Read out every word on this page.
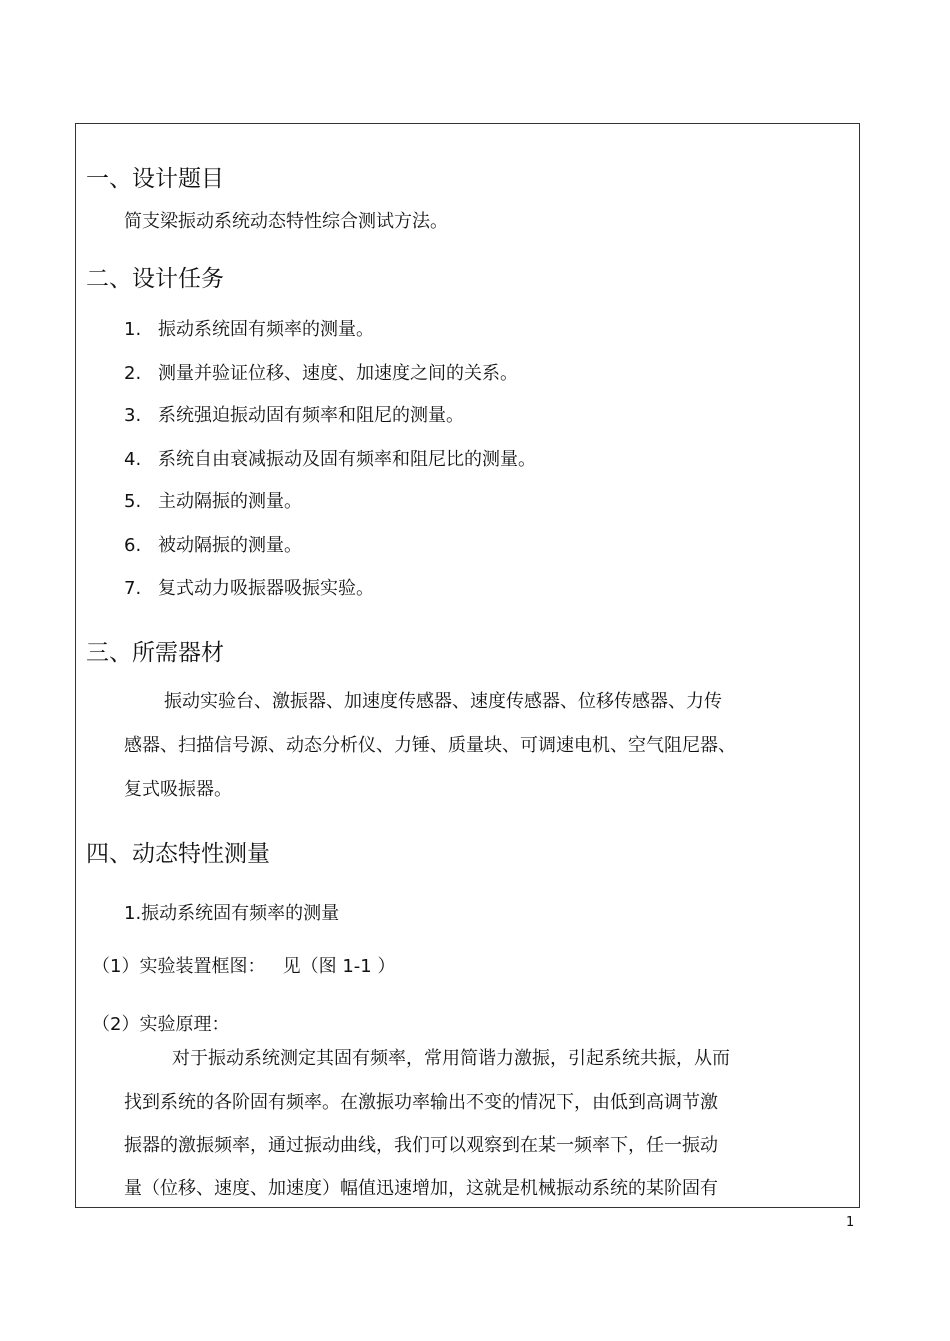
一、设计题目
简支梁振动系统动态特性综合测试方法。
二、设计任务
1. 振动系统固有频率的测量。
2. 测量并验证位移、速度、加速度之间的关系。
3. 系统强迫振动固有频率和阻尼的测量。
4. 系统自由衰减振动及固有频率和阻尼比的测量。
5. 主动隔振的测量。
6. 被动隔振的测量。
7. 复式动力吸振器吸振实验。
三、所需器材
振动实验台、激振器、加速度传感器、速度传感器、位移传感器、力传
感器、扫描信号源、动态分析仪、力锤、质量块、可调速电机、空气阻尼器、
复式吸振器。
四、动态特性测量
1.振动系统固有频率的测量
（1）实验装置框图：   见（图 1-1 ）
（2）实验原理：
对于振动系统测定其固有频率，常用简谐力激振，引起系统共振，从而
找到系统的各阶固有频率。在激振功率输出不变的情况下，由低到高调节激
振器的激振频率，通过振动曲线，我们可以观察到在某一频率下，任一振动
量（位移、速度、加速度）幅值迅速增加，这就是机械振动系统的某阶固有
1
